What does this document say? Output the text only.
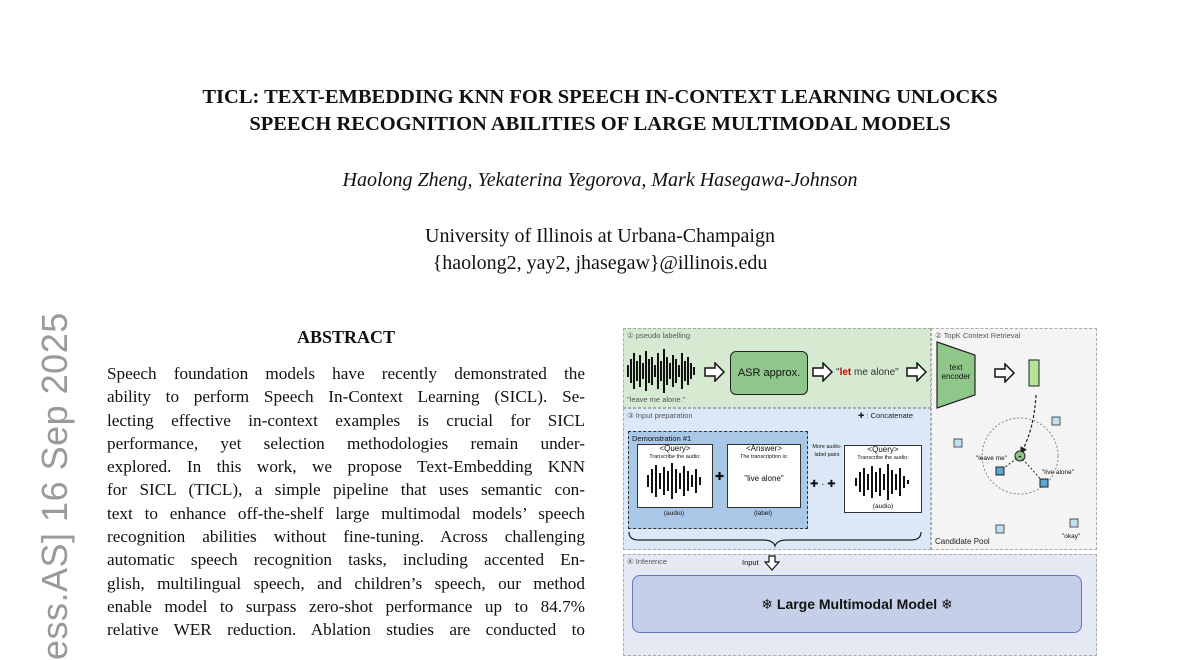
TICL: TEXT-EMBEDDING KNN FOR SPEECH IN-CONTEXT LEARNING UNLOCKS
SPEECH RECOGNITION ABILITIES OF LARGE MULTIMODAL MODELS
Haolong Zheng, Yekaterina Yegorova, Mark Hasegawa-Johnson
University of Illinois at Urbana-Champaign
{haolong2, yay2, jhasegaw}@illinois.edu
ess.AS] 16 Sep 2025	ABSTRACT
Speech foundation models have recently demonstrated the
ability to perform Speech In-Context Learning (SICL). Se-
lecting effective in-context examples is crucial for SICL
performance, yet selection methodologies remain under-
explored. In this work, we propose Text-Embedding KNN
for SICL (TICL), a simple pipeline that uses semantic con-
text to enhance off-the-shelf large multimodal models’ speech
recognition abilities without fine-tuning. Across challenging
automatic speech recognition tasks, including accented En-
glish, multilingual speech, and children’s speech, our method
enable model to surpass zero-shot performance up to 84.7%
relative WER reduction. Ablation studies are conducted to
① pseudo labelling
"leave me alone."
ASR approx.	"let me alone"
② TopK Context Retrieval
text encoder
"leave me"
"live alone"
"okay"
Candidate Pool
③ Input preparation	✚ : Concatenate
Demonstration #1
<Query>
Transcribe the audio:
(audio)
✚
<Answer>
The transcription is:
"live alone"
(label)
More audio-label pairs
✚ · ✚
<Query>
Transcribe the audio:
(audio)
④ Inference	Input
❄ Large Multimodal Model ❄
